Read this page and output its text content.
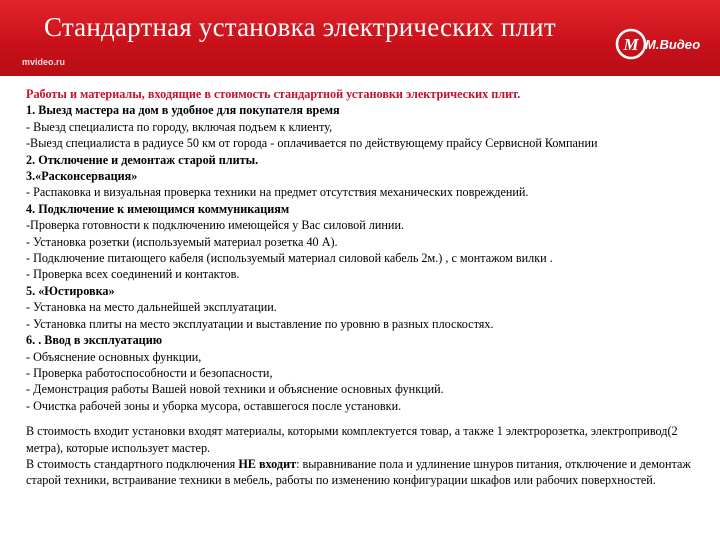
Стандартная установка электрических плит
mvideo.ru
M М.Видео
Работы и материалы, входящие в стоимость стандартной установки электрических плит.
1. Выезд мастера на дом в удобное для покупателя время
- Выезд специалиста по городу, включая подъем к клиенту,
-Выезд специалиста в радиусе 50 км от города - оплачивается по действующему прайсу Сервисной Компании
2. Отключение и демонтаж старой плиты.
3.«Расконсервация»
- Распаковка и визуальная проверка техники на предмет отсутствия механических повреждений.
4. Подключение к имеющимся коммуникациям
-Проверка готовности к подключению имеющейся у Вас силовой линии.
- Установка розетки (используемый материал розетка 40 А).
- Подключение питающего кабеля (используемый материал силовой кабель 2м.) , с монтажом вилки .
- Проверка всех соединений и контактов.
5. «Юстировка»
- Установка на место дальнейшей эксплуатации.
- Установка плиты на место эксплуатации и выставление по уровню в разных плоскостях.
6. . Ввод в эксплуатацию
- Объяснение основных функции,
- Проверка работоспособности и безопасности,
- Демонстрация работы Вашей новой техники и объяснение основных функций.
- Очистка рабочей зоны и уборка мусора, оставшегося после установки.
В стоимость входит установки входят материалы, которыми комплектуется товар, а также 1 электророзетка, электропривод(2 метра), которые использует мастер.
В стоимость стандартного подключения НЕ входит: выравнивание пола и удлинение шнуров питания, отключение и демонтаж старой техники, встраивание техники в мебель, работы по изменению конфигурации шкафов или рабочих поверхностей.
